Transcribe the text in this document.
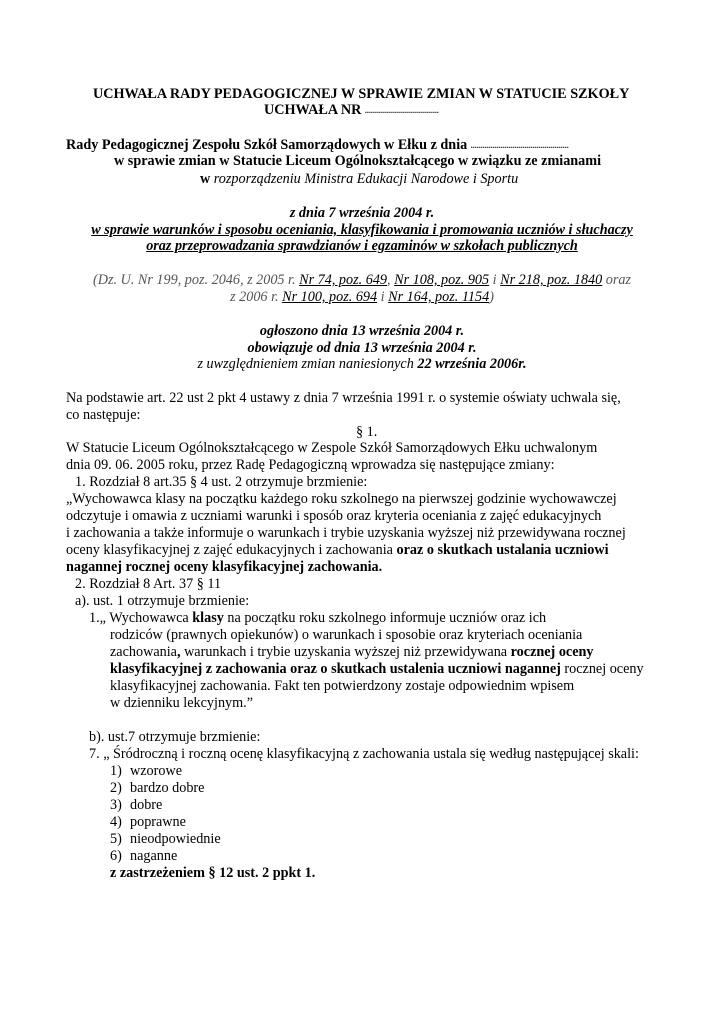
UCHWAŁA RADY PEDAGOGICZNEJ W SPRAWIE ZMIAN W STATUCIE SZKOŁY
UCHWAŁA NR .....................................
Rady Pedagogicznej Zespołu Szkół Samorządowych w Ełku z dnia .................................................
w sprawie zmian w Statucie Liceum Ogólnokształcącego w związku ze zmianami
w rozporządzeniu Ministra Edukacji Narodowe i Sportu
z dnia 7 września 2004 r.
w sprawie warunków i sposobu oceniania, klasyfikowania i promowania uczniów i słuchaczy
oraz przeprowadzania sprawdzianów i egzaminów w szkołach publicznych
(Dz. U. Nr 199, poz. 2046, z 2005 r. Nr 74, poz. 649, Nr 108, poz. 905 i Nr 218, poz. 1840 oraz
z 2006 r. Nr 100, poz. 694 i Nr 164, poz. 1154)
ogłoszono dnia 13 września 2004 r.
obowiązuje od dnia 13 września 2004 r.
z uwzględnieniem zmian naniesionych 22 września 2006r.
Na podstawie art. 22 ust 2 pkt 4 ustawy z dnia 7 września 1991 r. o systemie oświaty uchwala się,
co następuje:
§ 1.
W Statucie Liceum Ogólnokształcącego w Zespole Szkół Samorządowych Ełku uchwalonym
dnia 09. 06. 2005 roku, przez Radę Pedagogiczną wprowadza się następujące zmiany:
1. Rozdział 8 art.35 § 4 ust. 2 otrzymuje brzmienie:
„Wychowawca klasy na początku każdego roku szkolnego na pierwszej godzinie wychowawczej
odczytuje i omawia z uczniami warunki i sposób oraz kryteria oceniania z zajęć edukacyjnych
i zachowania a także informuje o warunkach i trybie uzyskania wyższej niż przewidywana rocznej
oceny klasyfikacyjnej z zajęć edukacyjnych i zachowania oraz o skutkach ustalania uczniowi
nagannej rocznej oceny klasyfikacyjnej zachowania.
2. Rozdział 8 Art. 37 § 11
a). ust. 1 otrzymuje brzmienie:
1.„ Wychowawca klasy na początku roku szkolnego informuje uczniów oraz ich
rodziców (prawnych opiekunów) o warunkach i sposobie oraz kryteriach oceniania
zachowania, warunkach i trybie uzyskania wyższej niż przewidywana rocznej oceny
klasyfikacyjnej z zachowania oraz o skutkach ustalenia uczniowi nagannej rocznej oceny
klasyfikacyjnej zachowania. Fakt ten potwierdzony zostaje odpowiednim wpisem
w dzienniku lekcyjnym.”
b). ust.7 otrzymuje brzmienie:
7. „ Śródroczną i roczną ocenę klasyfikacyjną z zachowania ustala się według następującej skali:
1) wzorowe
2) bardzo dobre
3) dobre
4) poprawne
5) nieodpowiednie
6) naganne
z zastrzeżeniem § 12 ust. 2 ppkt 1.
